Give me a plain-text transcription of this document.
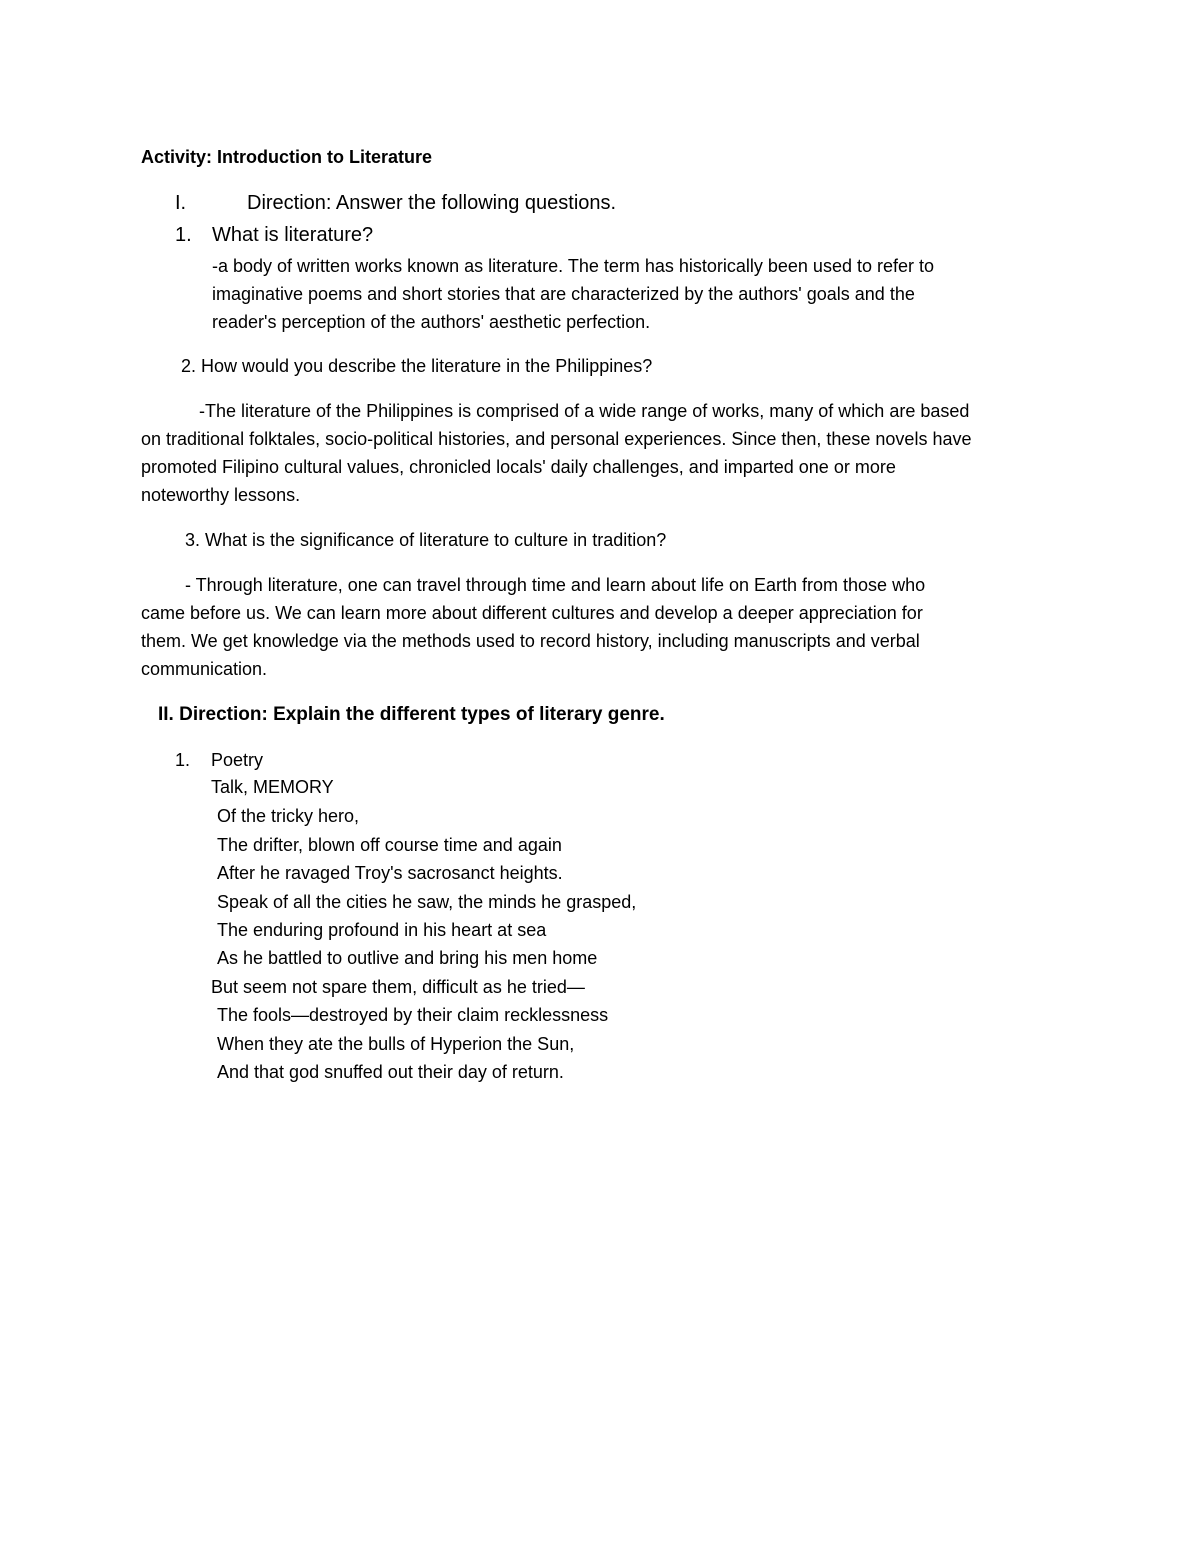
Activity: Introduction to Literature
I.	Direction: Answer the following questions.
1. What is literature?
-a body of written works known as literature. The term has historically been used to refer to
imaginative poems and short stories that are characterized by the authors' goals and the
reader's perception of the authors' aesthetic perfection.
2. How would you describe the literature in the Philippines?
-The literature of the Philippines is comprised of a wide range of works, many of which are based
on traditional folktales, socio-political histories, and personal experiences. Since then, these novels have
promoted Filipino cultural values, chronicled locals' daily challenges, and imparted one or more
noteworthy lessons.
3. What is the significance of literature to culture in tradition?
- Through literature, one can travel through time and learn about life on Earth from those who
came before us. We can learn more about different cultures and develop a deeper appreciation for
them. We get knowledge via the methods used to record history, including manuscripts and verbal
communication.
II. Direction: Explain the different types of literary genre.
1. Poetry
Talk, MEMORY
Of the tricky hero,
The drifter, blown off course time and again
After he ravaged Troy's sacrosanct heights.
Speak of all the cities he saw, the minds he grasped,
The enduring profound in his heart at sea
As he battled to outlive and bring his men home
But seem not spare them, difficult as he tried—
The fools—destroyed by their claim recklessness
When they ate the bulls of Hyperion the Sun,
And that god snuffed out their day of return.
